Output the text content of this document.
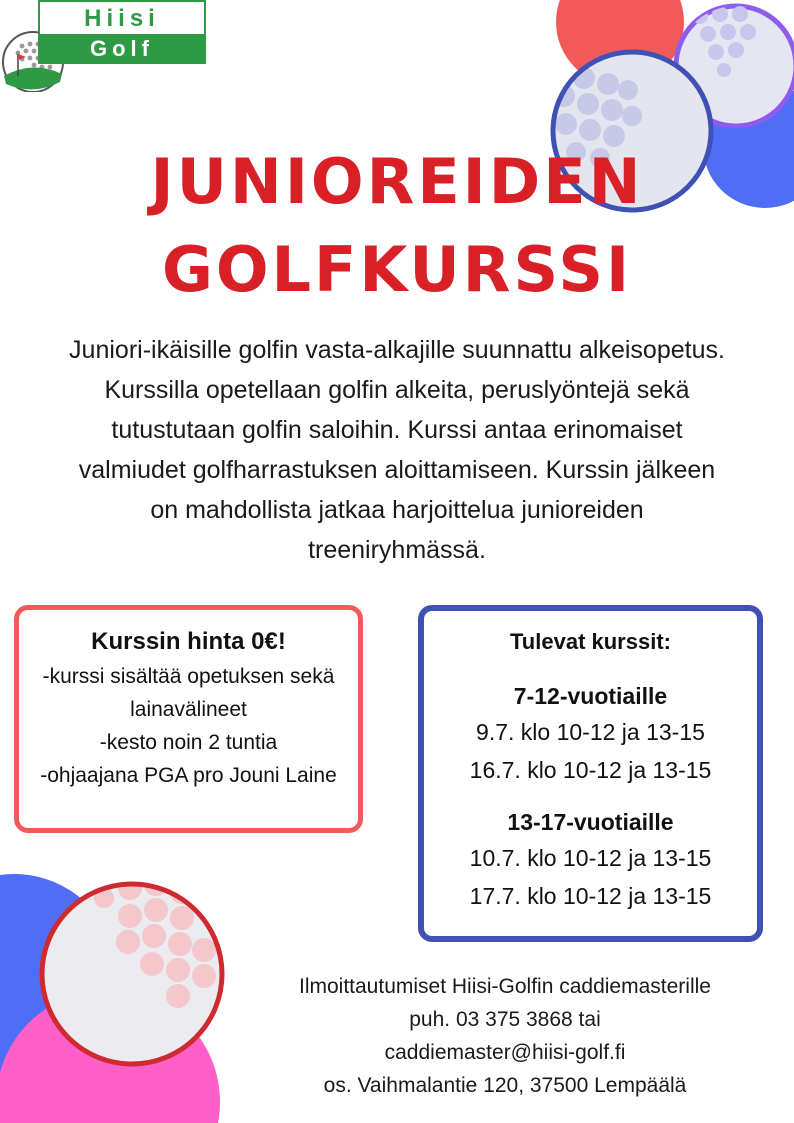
Hiisi
Golf
JUNIOREIDEN
GOLFKURSSI
Juniori-ikäisille golfin vasta-alkajille suunnattu alkeisopetus.
Kurssilla opetellaan golfin alkeita, peruslyöntejä sekä
tutustutaan golfin saloihin. Kurssi antaa erinomaiset
valmiudet golfharrastuksen aloittamiseen. Kurssin jälkeen
on mahdollista jatkaa harjoittelua junioreiden
treeniryhmässä.
Kurssin hinta 0€!
-kurssi sisältää opetuksen sekä lainavälineet
-kesto noin 2 tuntia
-ohjaajana PGA pro Jouni Laine
Tulevat kurssit:
7-12-vuotiaille
9.7. klo 10-12 ja 13-15
16.7. klo 10-12 ja 13-15
13-17-vuotiaille
10.7. klo 10-12 ja 13-15
17.7. klo 10-12 ja 13-15
Ilmoittautumiset Hiisi-Golfin caddiemasterille
puh. 03 375 3868 tai
caddiemaster@hiisi-golf.fi
os. Vaihmalantie 120, 37500 Lempäälä
